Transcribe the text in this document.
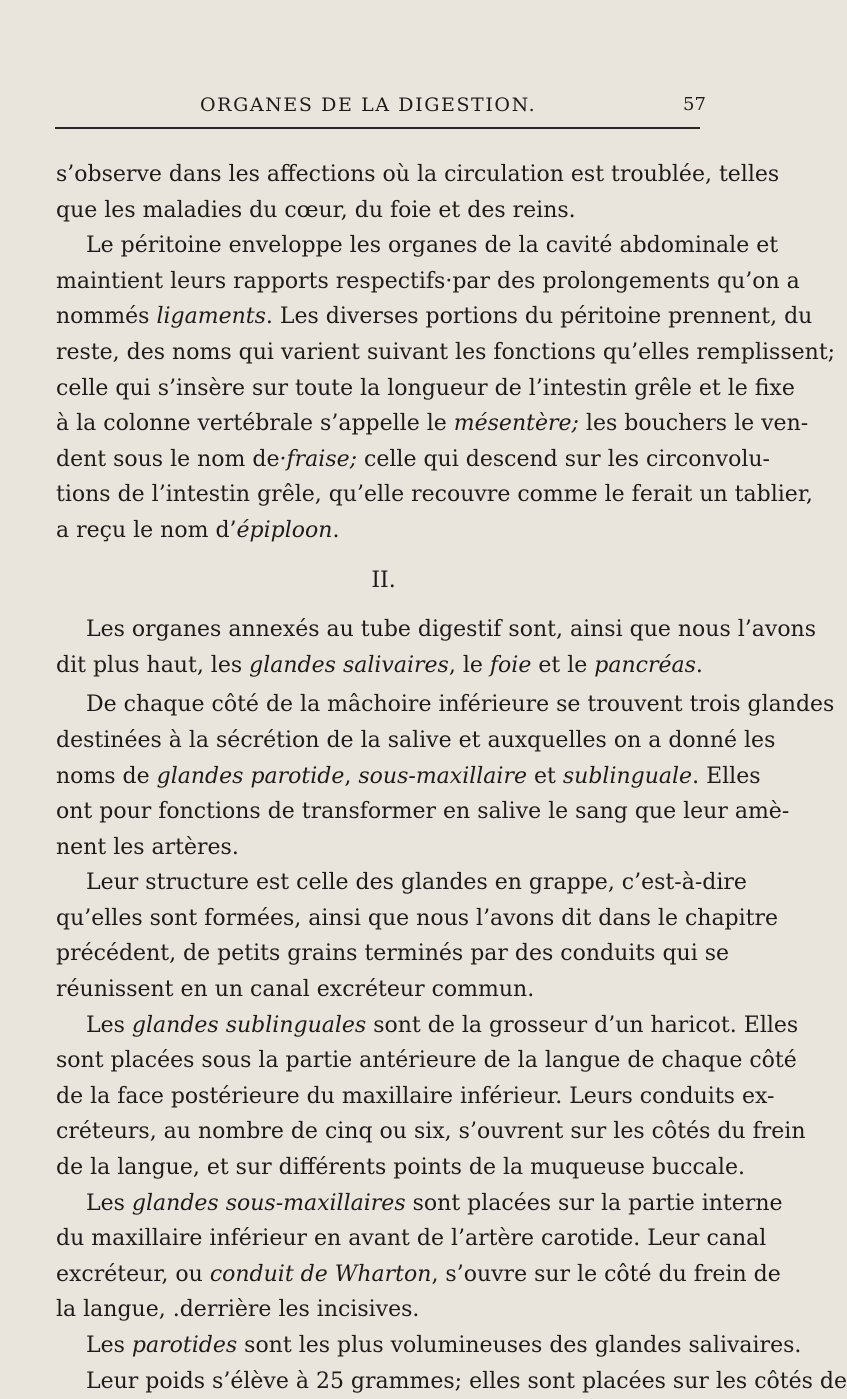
ORGANES DE LA DIGESTION.	57
s’observe dans les affections où la circulation est troublée, telles
que les maladies du cœur, du foie et des reins.
Le péritoine enveloppe les organes de la cavité abdominale et
maintient leurs rapports respectifs·par des prolongements qu’on a
nommés ligaments. Les diverses portions du péritoine prennent, du
reste, des noms qui varient suivant les fonctions qu’elles remplissent;
celle qui s’insère sur toute la longueur de l’intestin grêle et le fixe
à la colonne vertébrale s’appelle le mésentère; les bouchers le ven-
dent sous le nom de·fraise; celle qui descend sur les circonvolu-
tions de l’intestin grêle, qu’elle recouvre comme le ferait un tablier,
a reçu le nom d’épiploon.
II.
Les organes annexés au tube digestif sont, ainsi que nous l’avons
dit plus haut, les glandes salivaires, le foie et le pancréas.
De chaque côté de la mâchoire inférieure se trouvent trois glandes
destinées à la sécrétion de la salive et auxquelles on a donné les
noms de glandes parotide, sous-maxillaire et sublinguale. Elles
ont pour fonctions de transformer en salive le sang que leur amè-
nent les artères.
Leur structure est celle des glandes en grappe, c’est-à-dire
qu’elles sont formées, ainsi que nous l’avons dit dans le chapitre
précédent, de petits grains terminés par des conduits qui se
réunissent en un canal excréteur commun.
Les glandes sublinguales sont de la grosseur d’un haricot. Elles
sont placées sous la partie antérieure de la langue de chaque côté
de la face postérieure du maxillaire inférieur. Leurs conduits ex-
créteurs, au nombre de cinq ou six, s’ouvrent sur les côtés du frein
de la langue, et sur différents points de la muqueuse buccale.
Les glandes sous-maxillaires sont placées sur la partie interne
du maxillaire inférieur en avant de l’artère carotide. Leur canal
excréteur, ou conduit de Wharton, s’ouvre sur le côté du frein de
la langue, .derrière les incisives.
Les parotides sont les plus volumineuses des glandes salivaires.
Leur poids s’élève à 25 grammes; elles sont placées sur les côtés de
